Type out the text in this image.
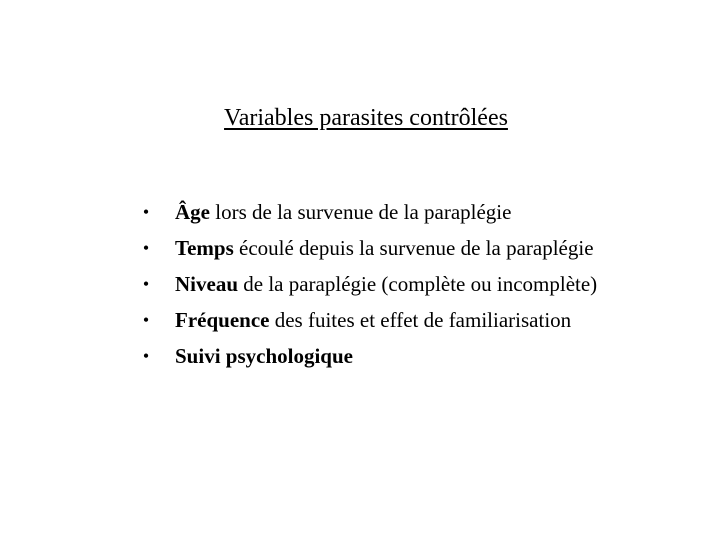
Variables parasites contrôlées
• Âge lors de la survenue de la paraplégie
• Temps écoulé depuis la survenue de la paraplégie
• Niveau de la paraplégie (complète ou incomplète)
• Fréquence des fuites et effet de familiarisation
• Suivi psychologique
